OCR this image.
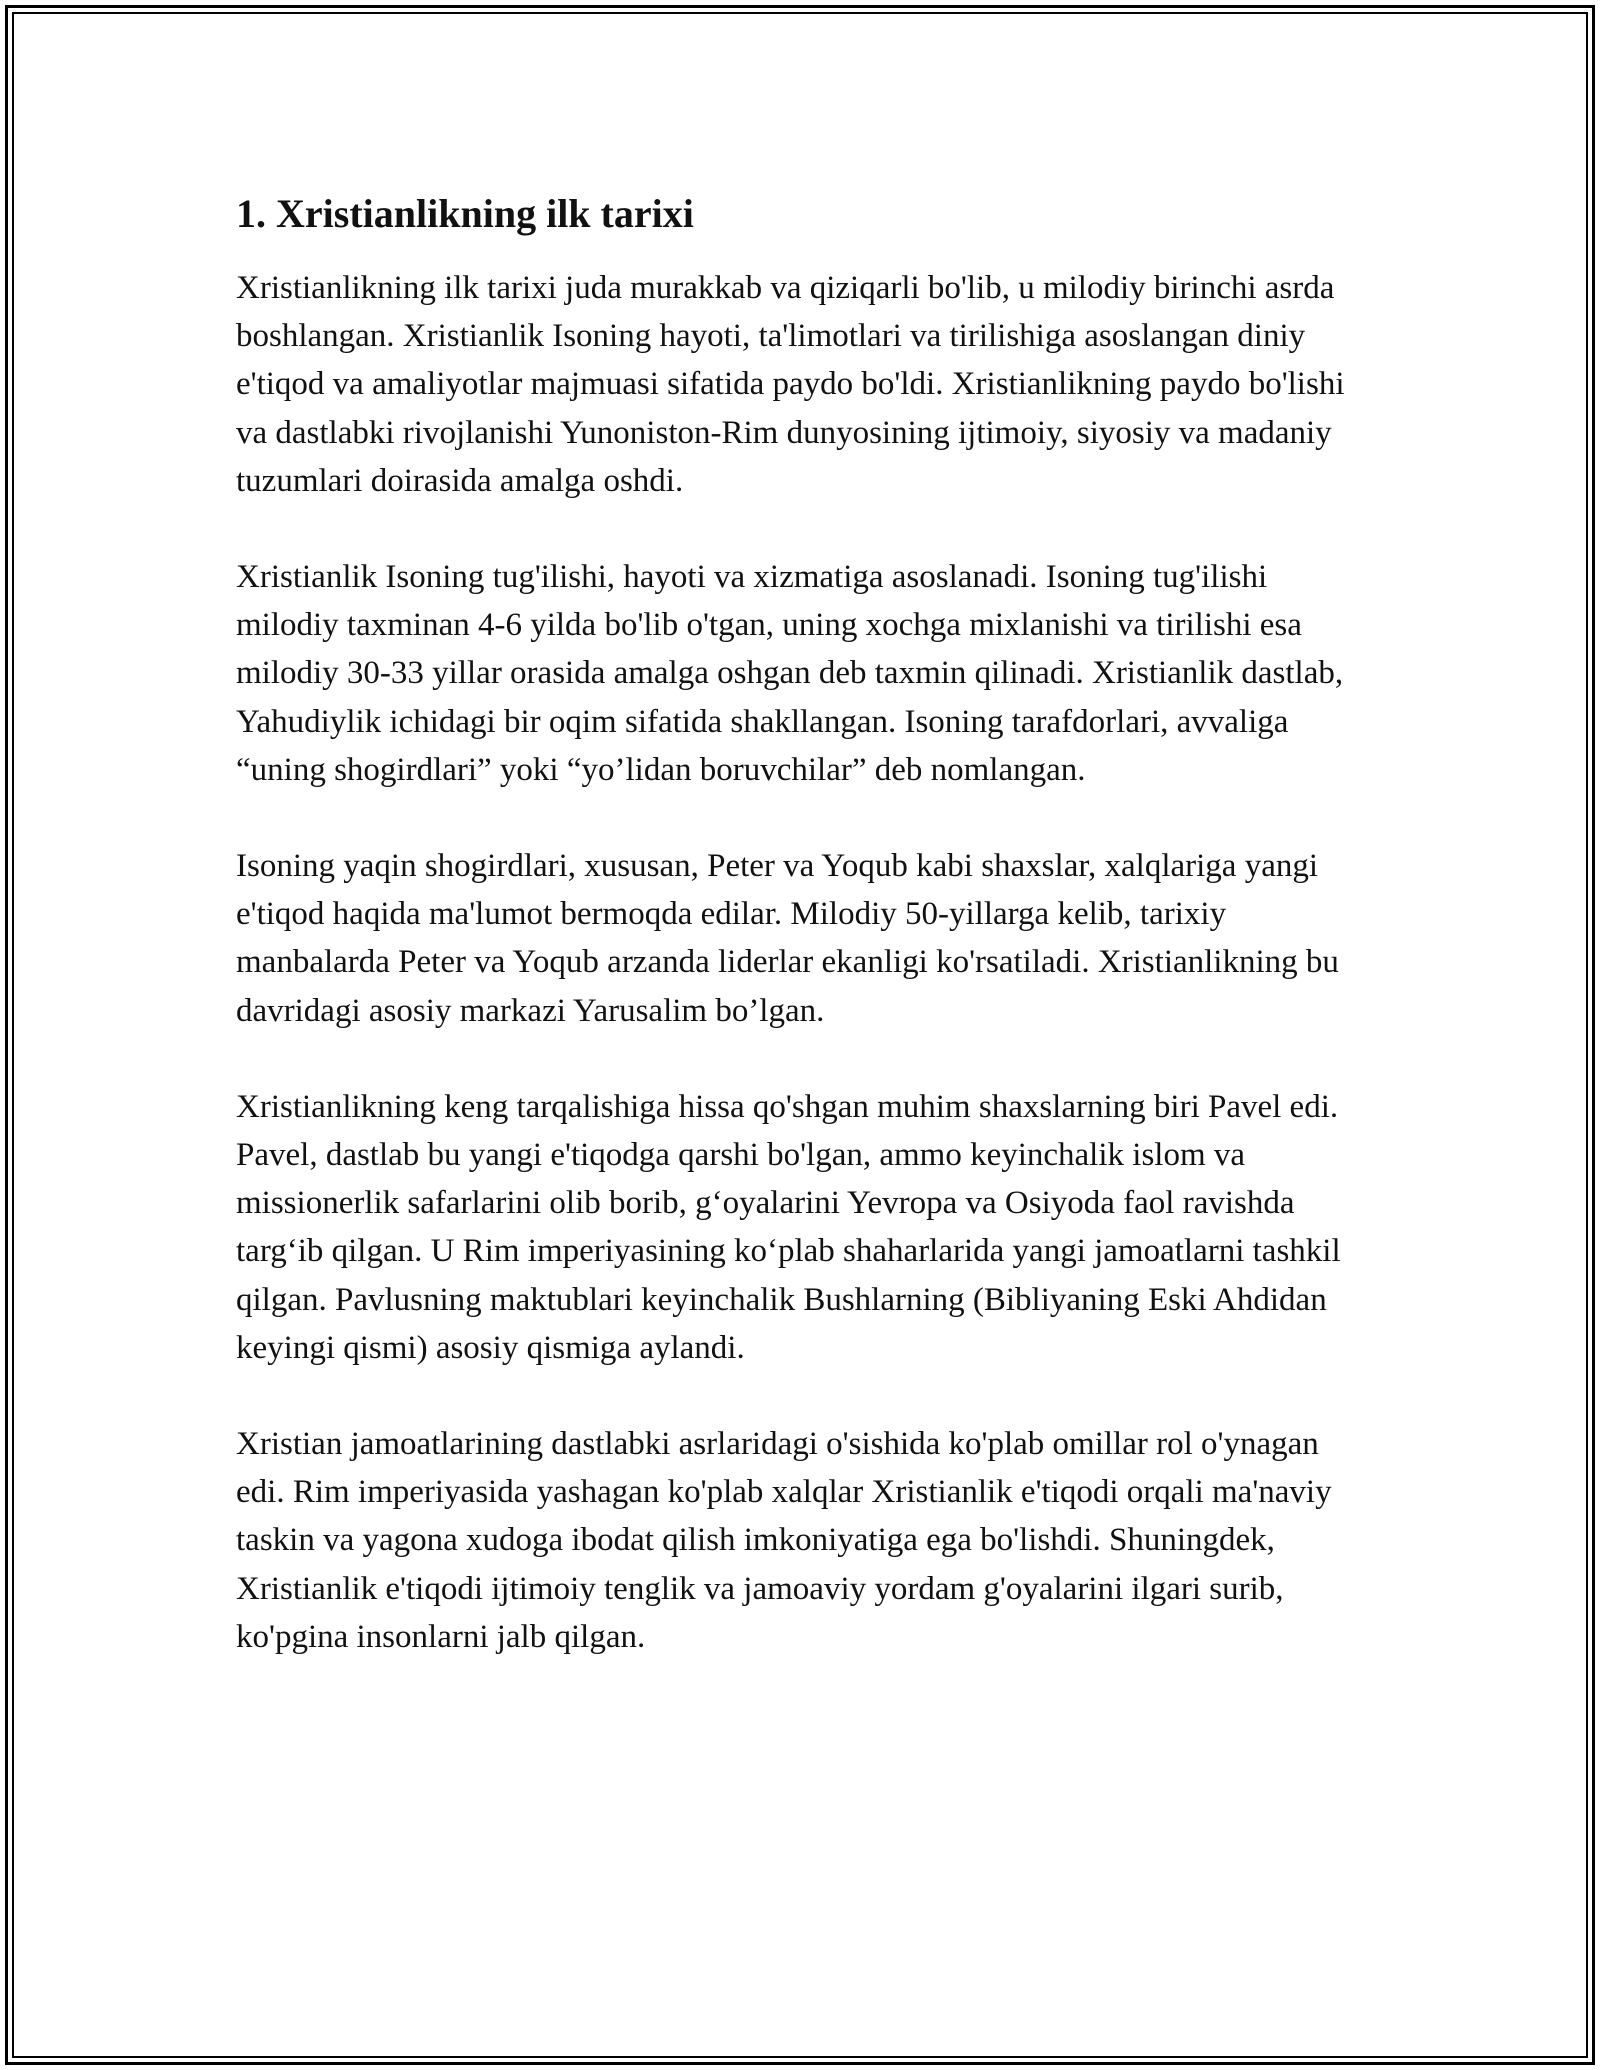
1. Xristianlikning ilk tarixi

Xristianlikning ilk tarixi juda murakkab va qiziqarli bo'lib, u milodiy birinchi asrda boshlangan. Xristianlik Isoning hayoti, ta'limotlari va tirilishiga asoslangan diniy e'tiqod va amaliyotlar majmuasi sifatida paydo bo'ldi. Xristianlikning paydo bo'lishi va dastlabki rivojlanishi Yunoniston-Rim dunyosining ijtimoiy, siyosiy va madaniy tuzumlari doirasida amalga oshdi.

Xristianlik Isoning tug'ilishi, hayoti va xizmatiga asoslanadi. Isoning tug'ilishi milodiy taxminan 4-6 yilda bo'lib o'tgan, uning xochga mixlanishi va tirilishi esa milodiy 30-33 yillar orasida amalga oshgan deb taxmin qilinadi. Xristianlik dastlab, Yahudiylik ichidagi bir oqim sifatida shakllangan. Isoning tarafdorlari, avvaliga “uning shogirdlari” yoki “yo’lidan boruvchilar” deb nomlangan.

Isoning yaqin shogirdlari, xususan, Peter va Yoqub kabi shaxslar, xalqlariga yangi e'tiqod haqida ma'lumot bermoqda edilar. Milodiy 50-yillarga kelib, tarixiy manbalarda Peter va Yoqub arzanda liderlar ekanligi ko'rsatiladi. Xristianlikning bu davridagi asosiy markazi Yarusalim bo’lgan.

Xristianlikning keng tarqalishiga hissa qo'shgan muhim shaxslarning biri Pavel edi. Pavel, dastlab bu yangi e'tiqodga qarshi bo'lgan, ammo keyinchalik islom va missionerlik safarlarini olib borib, g‘oyalarini Yevropa va Osiyoda faol ravishda targ‘ib qilgan. U Rim imperiyasining ko‘plab shaharlarida yangi jamoatlarni tashkil qilgan. Pavlusning maktublari keyinchalik Bushlarning (Bibliyaning Eski Ahdidan keyingi qismi) asosiy qismiga aylandi.

Xristian jamoatlarining dastlabki asrlaridagi o'sishida ko'plab omillar rol o'ynagan edi. Rim imperiyasida yashagan ko'plab xalqlar Xristianlik e'tiqodi orqali ma'naviy taskin va yagona xudoga ibodat qilish imkoniyatiga ega bo'lishdi. Shuningdek, Xristianlik e'tiqodi ijtimoiy tenglik va jamoaviy yordam g'oyalarini ilgari surib, ko'pgina insonlarni jalb qilgan.
